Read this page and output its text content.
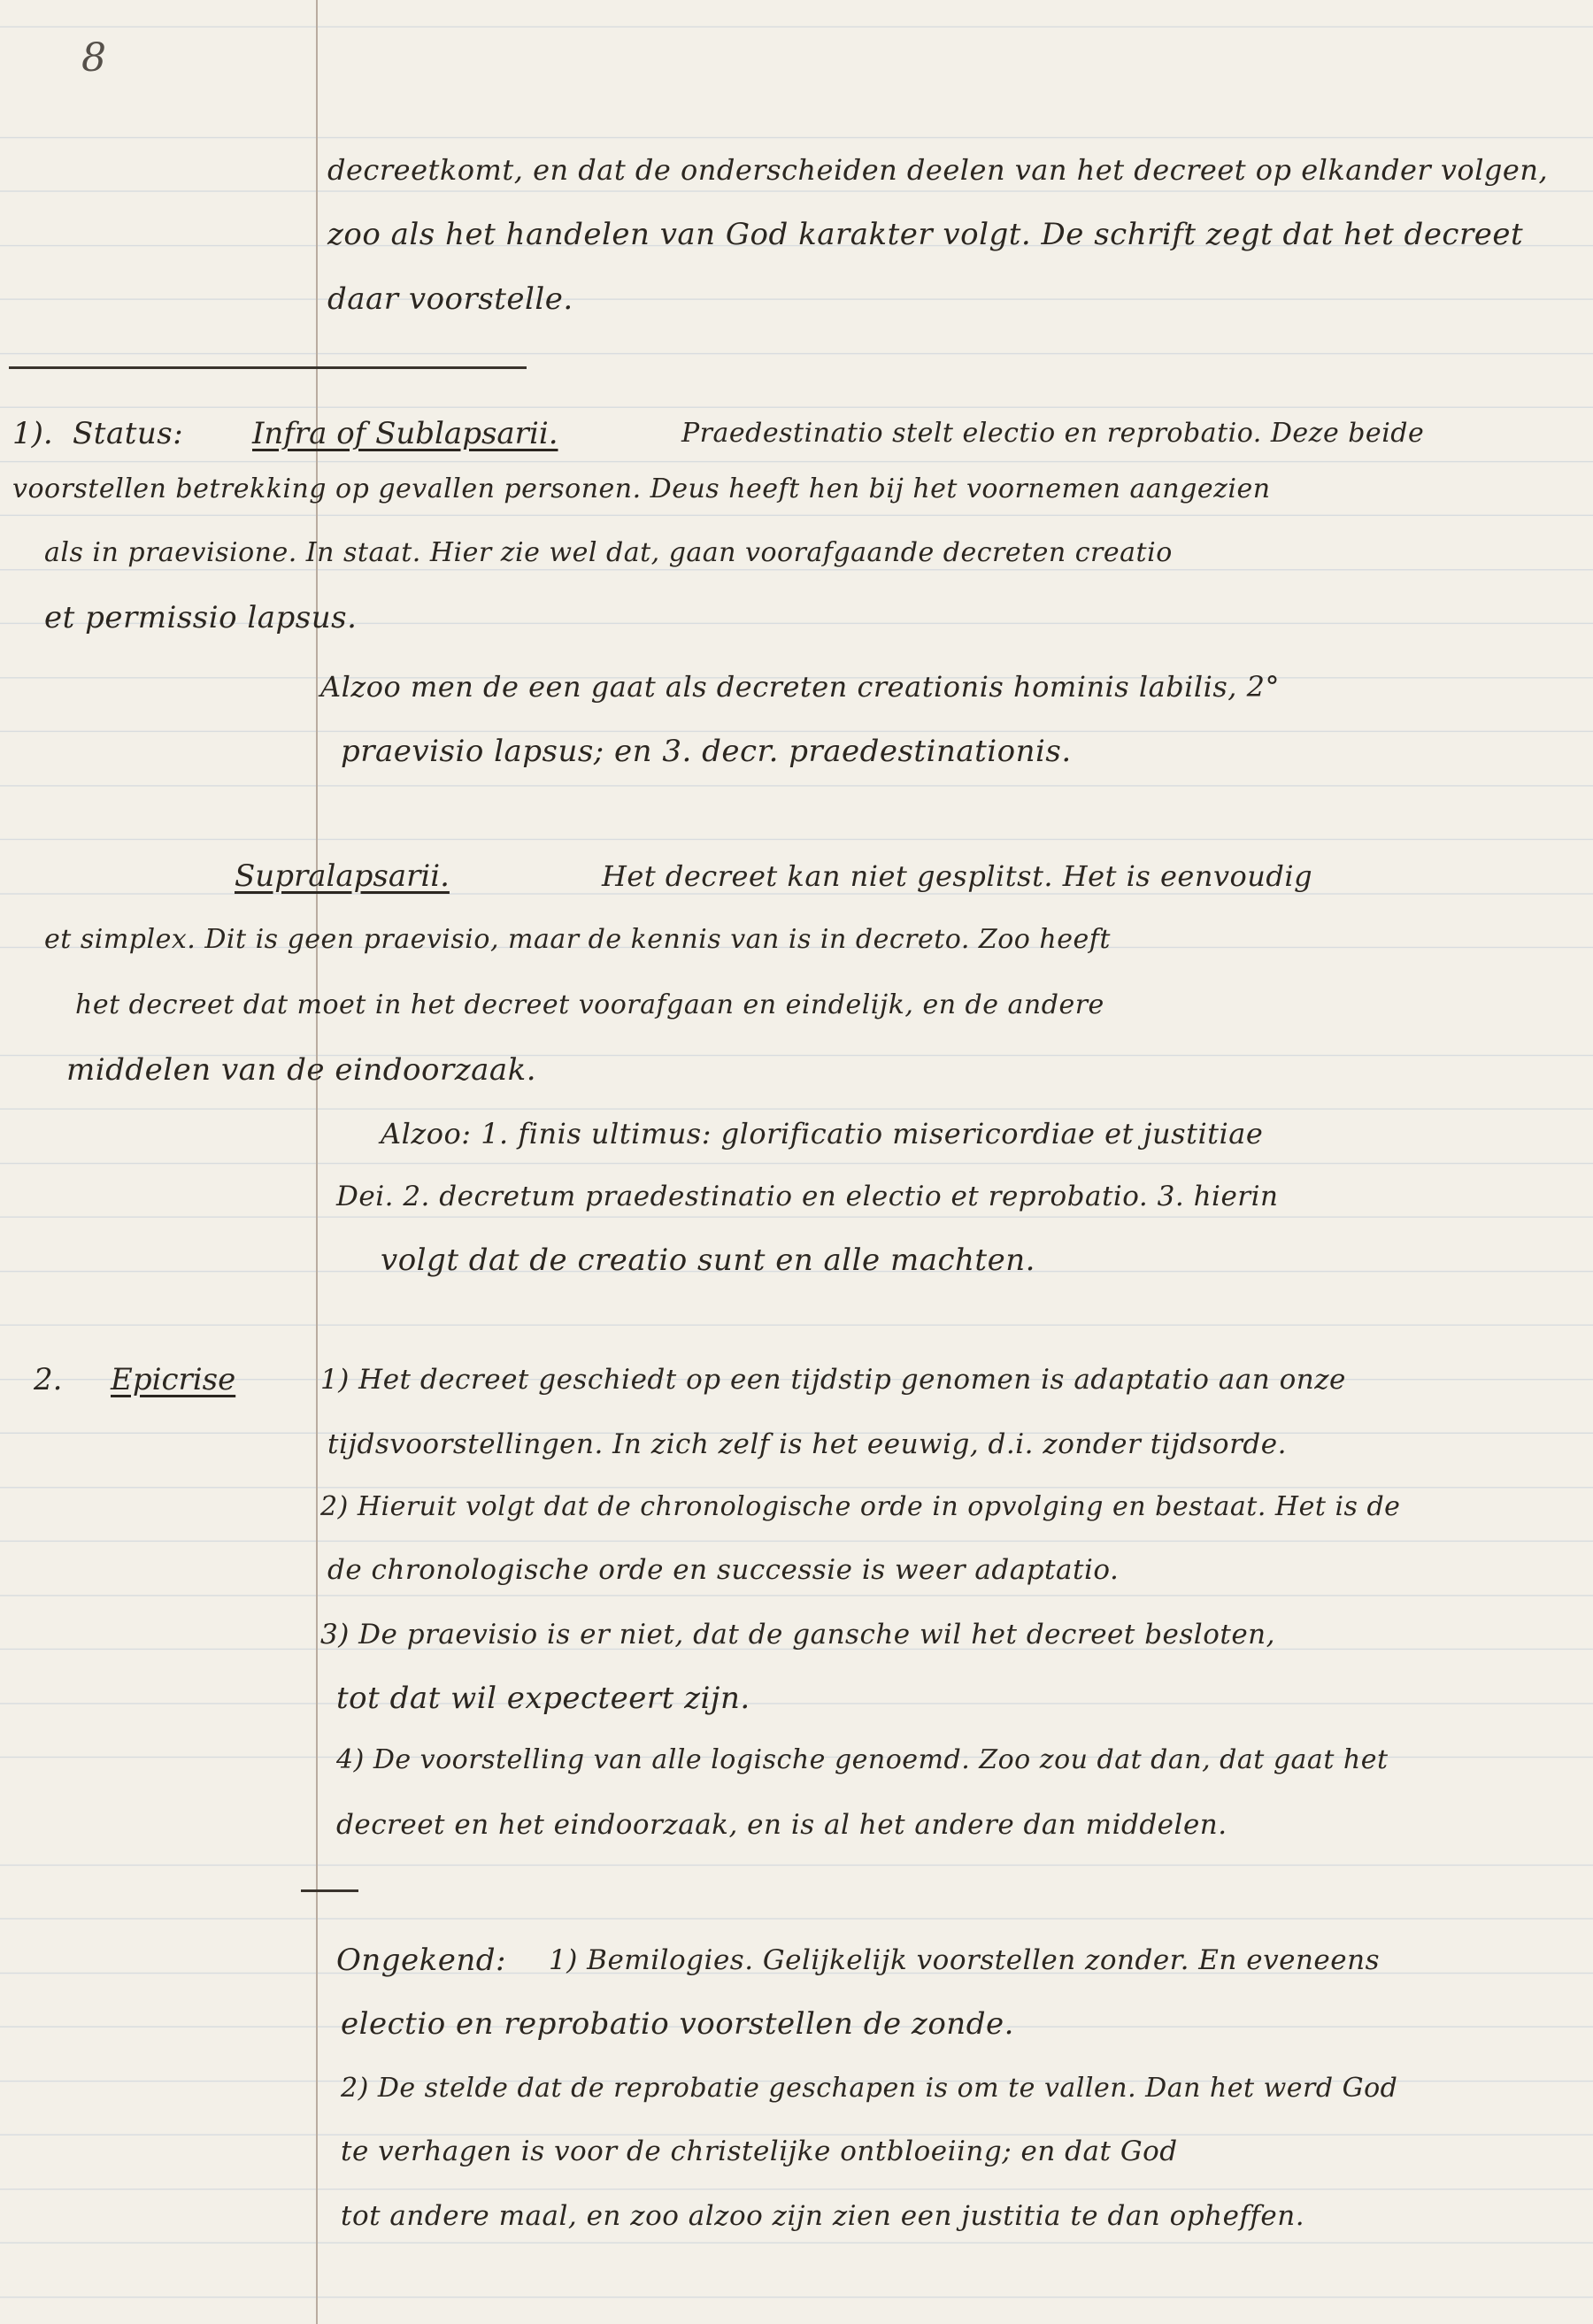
8
decreetkomt, en dat de onderscheiden deelen van het decreet op elkander volgen,
zoo als het handelen van God karakter volgt. De schrift zegt dat het decreet
daar voorstelle.
1). Status: Infra of Sublapsarii.	Praedestinatio stelt electio en reprobatio. Deze beide
voorstellen betrekking op gevallen personen. Deus heeft hen bij het voornemen aangezien
als in praevisione. In staat. Hier zie wel dat, gaan voorafgaande decreten creatio
et permissio lapsus.
Alzoo men de een gaat als decreten creationis hominis labilis, 2°
praevisio lapsus; en 3. decr. praedestinationis.
Supralapsarii.	Het decreet kan niet gesplitst. Het is eenvoudig
et simplex. Dit is geen praevisio, maar de kennis van is in decreto. Zoo heeft
het decreet dat moet in het decreet voorafgaan en eindelijk, en de andere
middelen van de eindoorzaak.
Alzoo: 1. finis ultimus: glorificatio misericordiae et justitiae
Dei. 2. decretum praedestinatio en electio et reprobatio. 3. hierin
volgt dat de creatio sunt en alle machten.
2. Epicrise	1) Het decreet geschiedt op een tijdstip genomen is adaptatio aan onze
tijdsvoorstellingen. In zich zelf is het eeuwig, d.i. zonder tijdsorde.
2) Hieruit volgt dat de chronologische orde in opvolging en bestaat. Het is de
de chronologische orde en successie is weer adaptatio.
3) De praevisio is er niet, dat de gansche wil het decreet besloten,
tot dat wil expecteert zijn.
4) De voorstelling van alle logische genoemd. Zoo zou dat dan, dat gaat het
decreet en het eindoorzaak, en is al het andere dan middelen.
Ongekend: 1) Bemilogies. Gelijkelijk voorstellen zonder. En eveneens
electio en reprobatio voorstellen de zonde.
2) De stelde dat de reprobatie geschapen is om te vallen. Dan het werd God
te verhagen is voor de christelijke ontbloeiing; en dat God
tot andere maal, en zoo alzoo zijn zien een justitia te dan opheffen.
